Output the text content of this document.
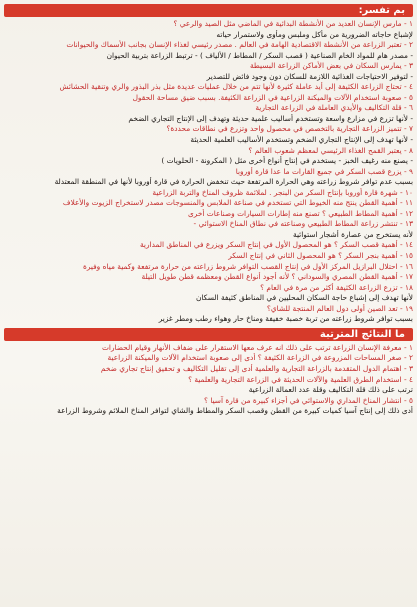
بم تفسر:
١ - مارس الإنسان العديد من الأنشطة البدائية في الماضي مثل الصيد والرعي ؟
لإشباع حاجاته الضرورية من مأكل وملبس ومأوى ولاستمرار حياته
٢ - تعتبر الزراعة من الأنشطة الاقتصادية الهامة في العالم . مصدر رئيسي لغذاء الإنسان بجانب الأسماك والحيوانات
- مصدر هام للمواد الخام الصناعية ( قصب السكر / المطاط / الألياف ) - ترتبط الزراعة بتربية الحيوان
٣ - يمارس السكان في بعض الأماكن الزراعة البسيطة
- لتوفير الاحتياجات الغذائية اللازمة للسكان دون وجود فائض للتصدير
٤ - تحتاج الزراعة الكثيفة إلى أيد عاملة كثيرة لأنها تتم من خلال عمليات عديدة مثل بذر البذور والري وتنقية الحشائش
٥ - صعوبة استخدام الآلات والميكنة الزراعية في الزراعة الكثيفة. بسبب ضيق مساحة الحقول
٦ - قلة التكاليف والأيدي العاملة في الزراعة التجارية
- لأنها تزرع في مزارع واسعة وتستخدم أساليب علمية حديثة وتهدف إلى الإنتاج التجاري الضخم
٧ - تتميز الزراعة التجارية بالتخصص في محصول واحد وتزرع في نطاقات محددة؟
- لأنها تهدف إلى الإنتاج التجاري الضخم وتستخدم الأساليب العلمية الحديثة
٨ - يعتبر القمح الغذاء الرئيسي لمعظم شعوب العالم ؟
- يصنع منه رغيف الخبز - يستخدم في إنتاج أنواع أخرى مثل ( المكرونة - الحلويات )
٩ - يزرع قصب السكر في جميع القارات ما عدا قارة أوروبا
بسبب عدم توافر شروط زراعته وهي الحرارة المرتفعة حيث تنخفض الحرارة في قارة أوروبا لأنها في المنطقة المعتدلة
١٠ - شهرة قارة أوروبا بإنتاج السكر من البنجر . لملائمة ظروف المناخ والتربة الزراعية
١١ - أهمية القطن ينتج منه الخيوط التي تستخدم في صناعة الملابس والمنسوجات مصدر لاستخراج الزيوت والأعلاف
١٢ - أهمية المطاط الطبيعي ؟ تصنع منه إطارات السيارات وصناعات أخرى
١٣ - تنتشر زراعة المطاط الطبيعي وصناعته في نطاق المناخ الاستوائي -
لأنه يستخرج من عصارة أشجار استوائية
١٤ - أهمية قصب السكر ؟ هو المحصول الأول في إنتاج السكر ويزرع في المناطق المدارية
١٥ - أهمية بنجر السكر ؟ هو المحصول الثاني في إنتاج السكر
١٦ - احتلال البرازيل المركز الأول في إنتاج القصب التوافر شروط زراعته من حرارة مرتفعة وكمية مياه وفيرة
١٧ - أهمية القطن المصري والسوداني ؟ لأنه أجود أنواع القطن ومعظمه قطن طويل التيلة
١٨ - تزرع الزراعة الكثيفة أكثر من مرة في العام ؟
لأنها تهدف إلى إشباع حاجة السكان المحليين في المناطق كثيفة السكان
١٩ - تعد الصين أولى دول العالم المنتجة للشاي؟
بسبب توافر شروط زراعته من تربة خصبة خفيفة ومناخ حار وهواء رطب ومطر غزير
ما النتائج المترتبة
١ - معرفة الإنسان الزراعة ترتب على ذلك انه عرف معها الاستقرار على ضفاف الأنهار وقيام الحضارات
٢ - صغر المساحات المزروعة في الزراعة الكثيفة ؟ أدى إلى صعوبة استخدام الآلات والميكنة الزراعية
٣ - اهتمام الدول المتقدمة بالزراعة التجارية والعلمية أدى إلى تقليل التكاليف و تحقيق إنتاج تجاري ضخم
٤ - استخدام الطرق العلمية والآلات الحديثة في الزراعة التجارية والعلمية ؟
ترتب على ذلك قلة التكاليف وقلة عدد العمالة الزراعية
٥ - انتشار المناخ المداري والاستوائي في أجزاء كبيرة من قارة آسيا ؟
أدى ذلك إلى إنتاج آسيا كميات كبيرة من القطن وقصب السكر والمطاط والشاي لتوافر المناخ الملائم وشروط الزراعة
